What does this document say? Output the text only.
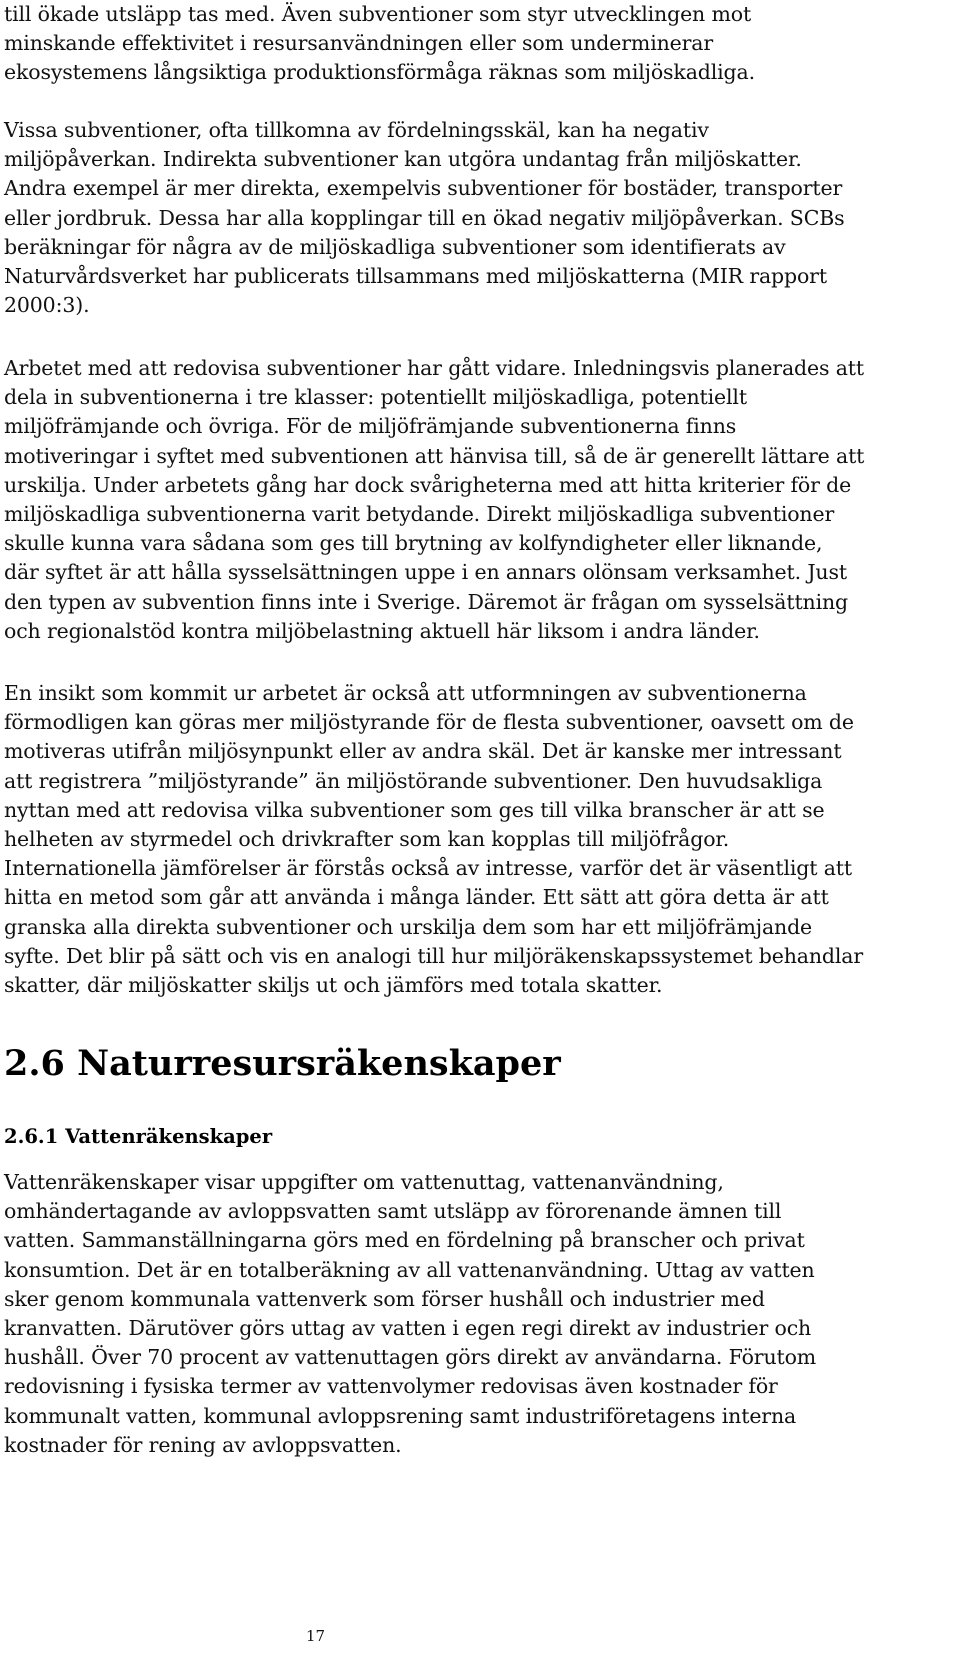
till ökade utsläpp tas med. Även subventioner som styr utvecklingen mot
minskande effektivitet i resursanvändningen eller som underminerar
ekosystemens långsiktiga produktionsförmåga räknas som miljöskadliga.

Vissa subventioner, ofta tillkomna av fördelningsskäl, kan ha negativ
miljöpåverkan. Indirekta subventioner kan utgöra undantag från miljöskatter.
Andra exempel är mer direkta, exempelvis subventioner för bostäder, transporter
eller jordbruk. Dessa har alla kopplingar till en ökad negativ miljöpåverkan. SCBs
beräkningar för några av de miljöskadliga subventioner som identifierats av
Naturvårdsverket har publicerats tillsammans med miljöskatterna (MIR rapport
2000:3).

Arbetet med att redovisa subventioner har gått vidare. Inledningsvis planerades att
dela in subventionerna i tre klasser: potentiellt miljöskadliga, potentiellt
miljöfrämjande och övriga. För de miljöfrämjande subventionerna finns
motiveringar i syftet med subventionen att hänvisa till, så de är generellt lättare att
urskilja. Under arbetets gång har dock svårigheterna med att hitta kriterier för de
miljöskadliga subventionerna varit betydande. Direkt miljöskadliga subventioner
skulle kunna vara sådana som ges till brytning av kolfyndigheter eller liknande,
där syftet är att hålla sysselsättningen uppe i en annars olönsam verksamhet. Just
den typen av subvention finns inte i Sverige. Däremot är frågan om sysselsättning
och regionalstöd kontra miljöbelastning aktuell här liksom i andra länder.

En insikt som kommit ur arbetet är också att utformningen av subventionerna
förmodligen kan göras mer miljöstyrande för de flesta subventioner, oavsett om de
motiveras utifrån miljösynpunkt eller av andra skäl. Det är kanske mer intressant
att registrera ”miljöstyrande” än miljöstörande subventioner. Den huvudsakliga
nyttan med att redovisa vilka subventioner som ges till vilka branscher är att se
helheten av styrmedel och drivkrafter som kan kopplas till miljöfrågor.
Internationella jämförelser är förstås också av intresse, varför det är väsentligt att
hitta en metod som går att använda i många länder. Ett sätt att göra detta är att
granska alla direkta subventioner och urskilja dem som har ett miljöfrämjande
syfte. Det blir på sätt och vis en analogi till hur miljöräkenskapssystemet behandlar
skatter, där miljöskatter skiljs ut och jämförs med totala skatter.

2.6 Naturresursräkenskaper
2.6.1 Vattenräkenskaper

Vattenräkenskaper visar uppgifter om vattenuttag, vattenanvändning,
omhändertagande av avloppsvatten samt utsläpp av förorenande ämnen till
vatten. Sammanställningarna görs med en fördelning på branscher och privat
konsumtion. Det är en totalberäkning av all vattenanvändning. Uttag av vatten
sker genom kommunala vattenverk som förser hushåll och industrier med
kranvatten. Därutöver görs uttag av vatten i egen regi direkt av industrier och
hushåll. Över 70 procent av vattenuttagen görs direkt av användarna. Förutom
redovisning i fysiska termer av vattenvolymer redovisas även kostnader för
kommunalt vatten, kommunal avloppsrening samt industriföretagens interna
kostnader för rening av avloppsvatten.

17
